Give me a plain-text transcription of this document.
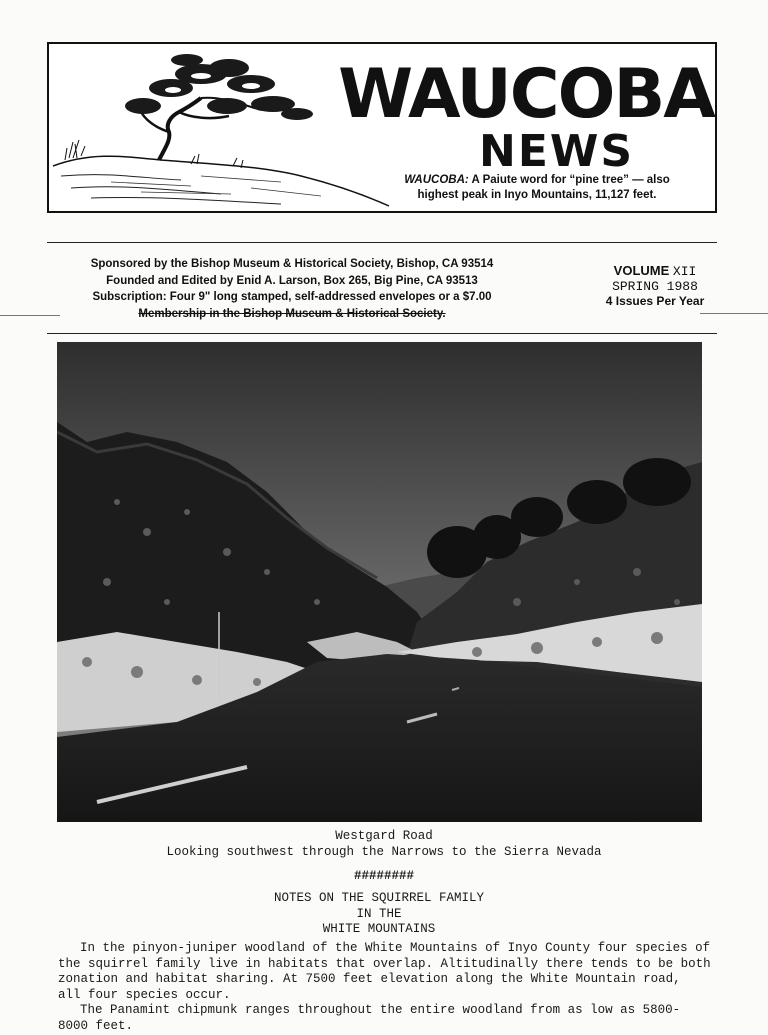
WAUCOBA
NEWS
WAUCOBA: A Paiute word for “pine tree” — also
highest peak in Inyo Mountains, 11,127 feet.
Sponsored by the Bishop Museum & Historical Society, Bishop, CA 93514
Founded and Edited by Enid A. Larson, Box 265, Big Pine, CA 93513
Subscription: Four 9" long stamped, self-addressed envelopes or a $7.00
Membership in the Bishop Museum & Historical Society.
VOLUME XII
SPRING 1988
4 Issues Per Year
Westgard Road
Looking southwest through the Narrows to the Sierra Nevada
########
NOTES ON THE SQUIRREL FAMILY
IN THE
WHITE MOUNTAINS

In the pinyon-juniper woodland of the White Mountains of Inyo County four species of

the squirrel family live in habitats that overlap. Altitudinally there tends to be both

zonation and habitat sharing. At 7500 feet elevation along the White Mountain road,

all four species occur.

The Panamint chipmunk ranges throughout the entire woodland from as low as 5800-

8000 feet.
